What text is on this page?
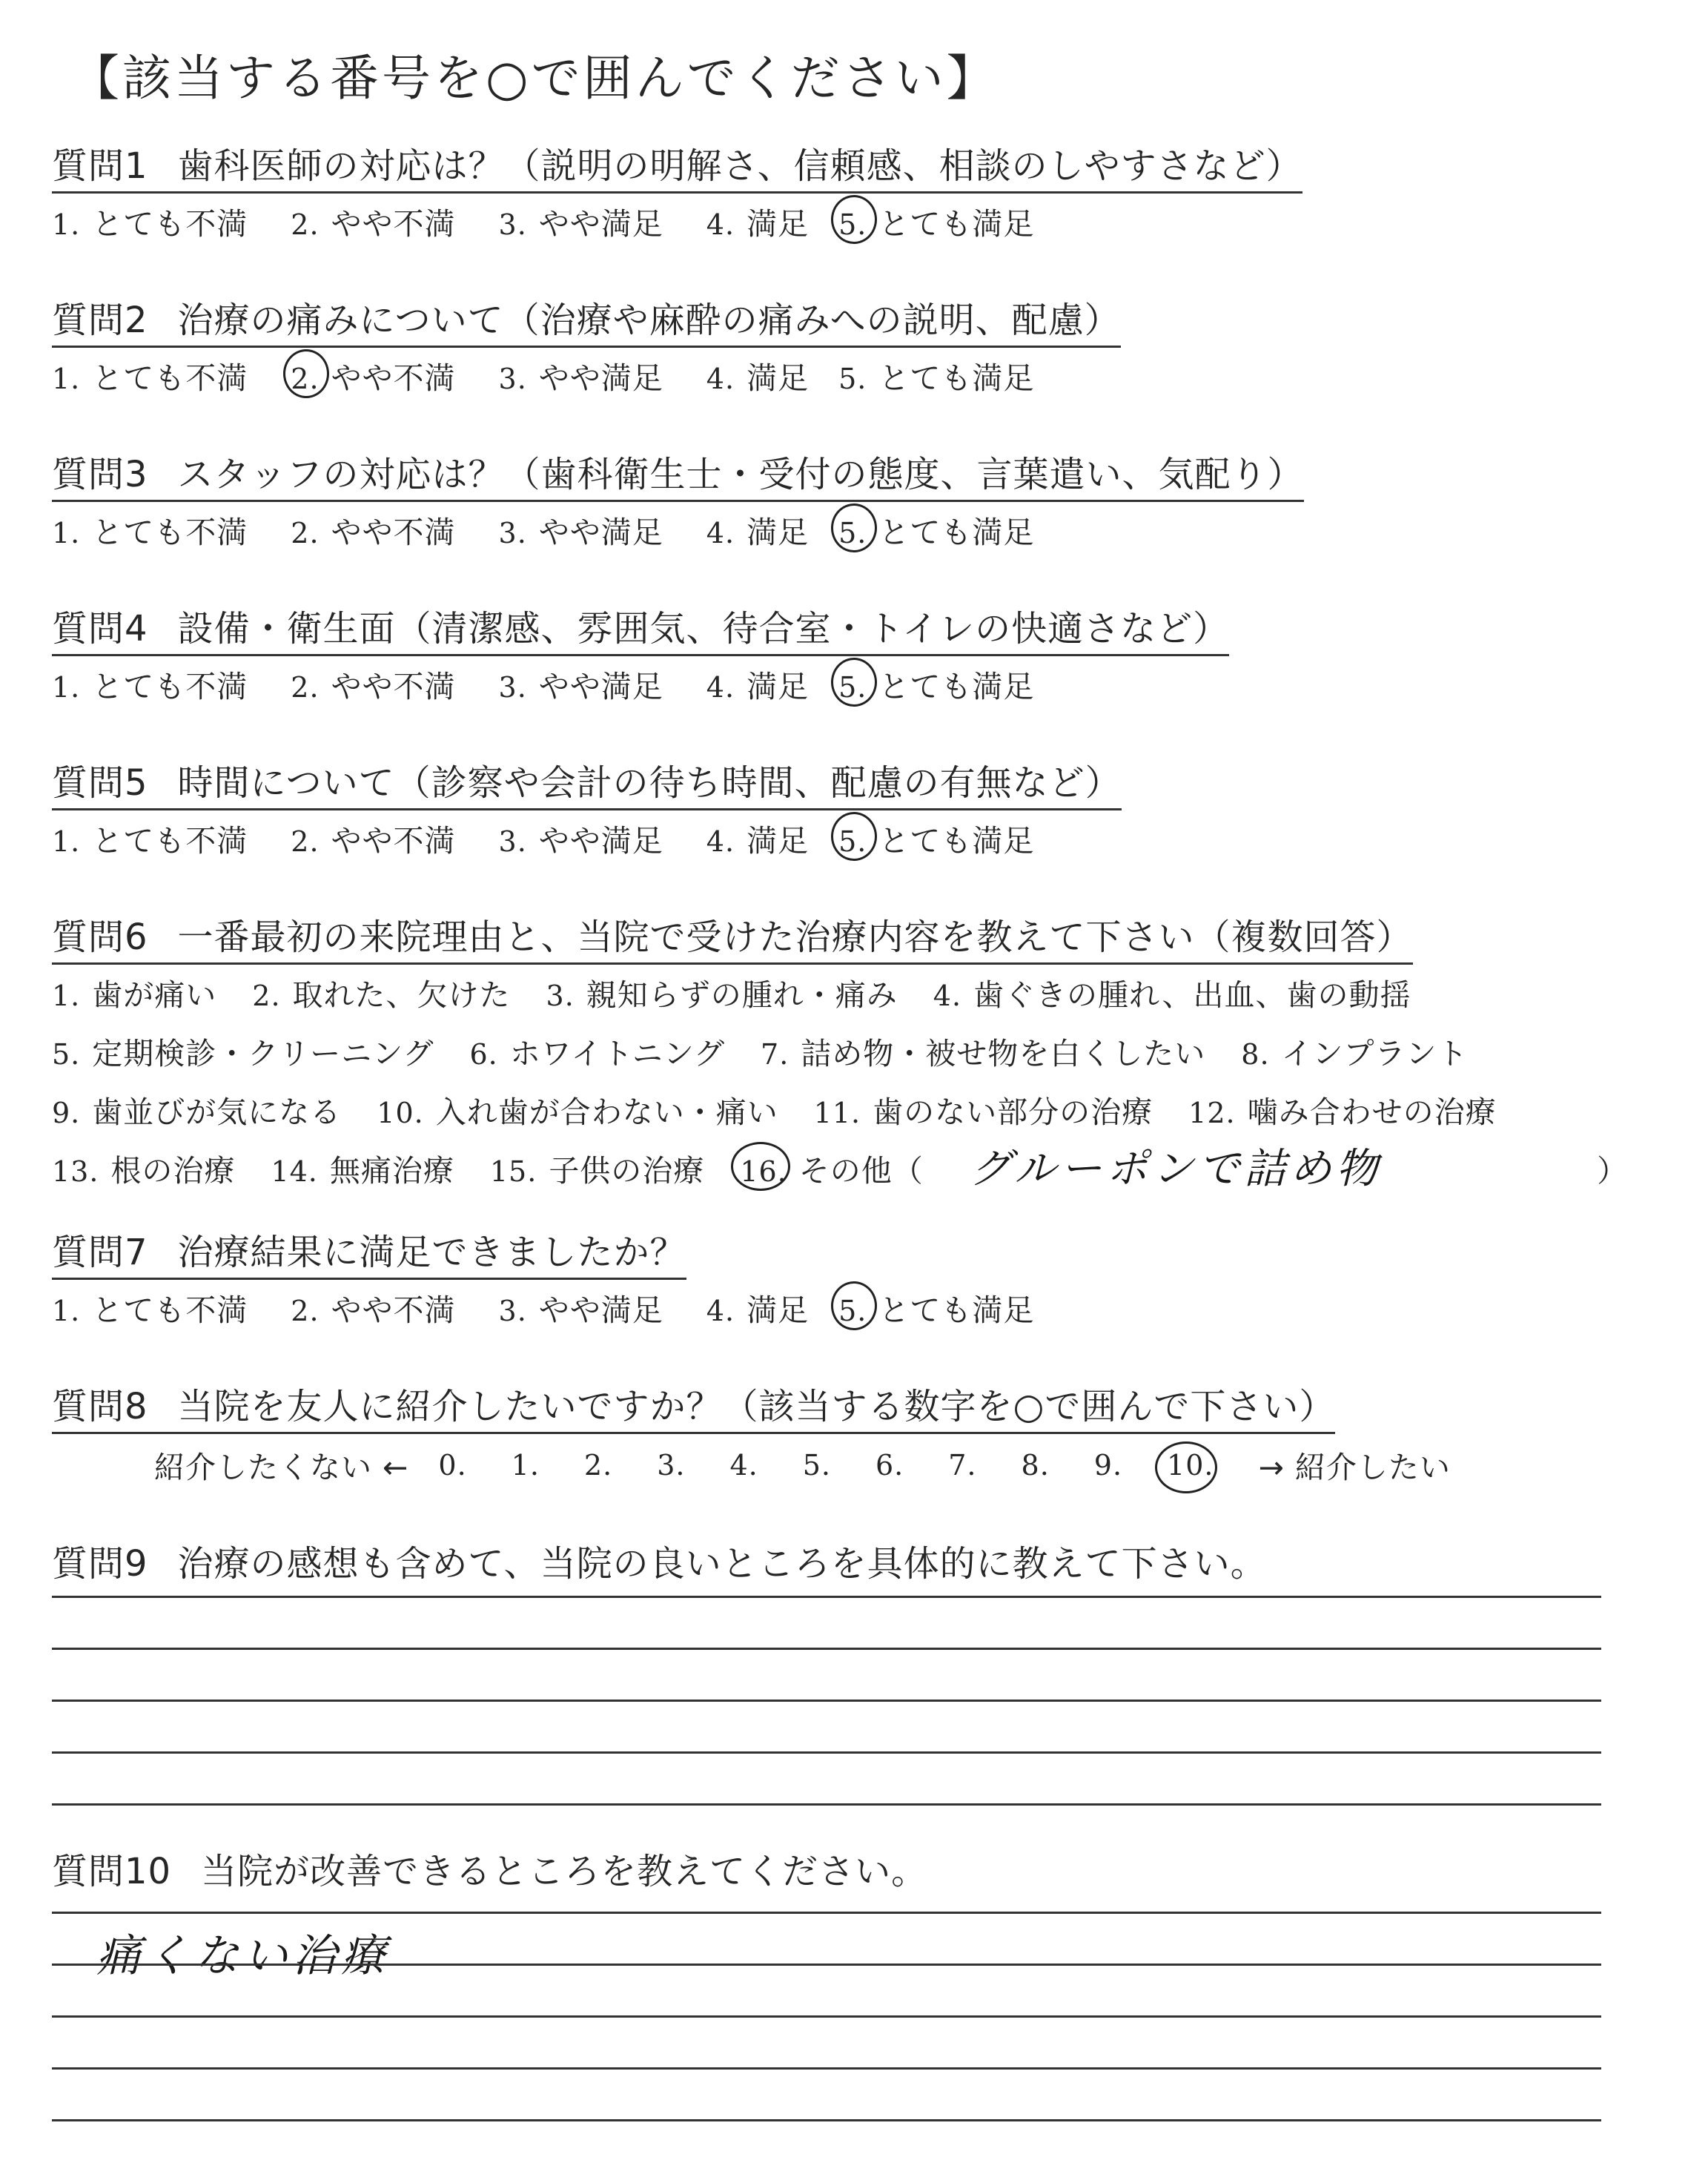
【該当する番号を○で囲んでください】
質問1 歯科医師の対応は？（説明の明解さ、信頼感、相談のしやすさなど）
1. とても不満 2. やや不満 3. やや満足 4. 満足 5. とても満足
質問2 治療の痛みについて（治療や麻酔の痛みへの説明、配慮）
1. とても不満 2. やや不満 3. やや満足 4. 満足 5. とても満足
質問3 スタッフの対応は？（歯科衛生士・受付の態度、言葉遣い、気配り）
1. とても不満 2. やや不満 3. やや満足 4. 満足 5. とても満足
質問4 設備・衛生面（清潔感、雰囲気、待合室・トイレの快適さなど）
1. とても不満 2. やや不満 3. やや満足 4. 満足 5. とても満足
質問5 時間について（診察や会計の待ち時間、配慮の有無など）
1. とても不満 2. やや不満 3. やや満足 4. 満足 5. とても満足
質問6 一番最初の来院理由と、当院で受けた治療内容を教えて下さい（複数回答）
1. 歯が痛い 2. 取れた、欠けた 3. 親知らずの腫れ・痛み 4. 歯ぐきの腫れ、出血、歯の動揺
5. 定期検診・クリーニング 6. ホワイトニング 7. 詰め物・被せ物を白くしたい 8. インプラント
9. 歯並びが気になる 10. 入れ歯が合わない・痛い 11. 歯のない部分の治療 12. 噛み合わせの治療
13. 根の治療 14. 無痛治療 15. 子供の治療 16. その他（ グルーポンで詰め物	）
質問7 治療結果に満足できましたか？
1. とても不満 2. やや不満 3. やや満足 4. 満足 5. とても満足
質問8 当院を友人に紹介したいですか？（該当する数字を○で囲んで下さい）
紹介したくない ← 0. 1. 2. 3. 4. 5. 6. 7. 8. 9. 10. → 紹介したい
質問9 治療の感想も含めて、当院の良いところを具体的に教えて下さい。
質問10 当院が改善できるところを教えてください。
痛くない治療
